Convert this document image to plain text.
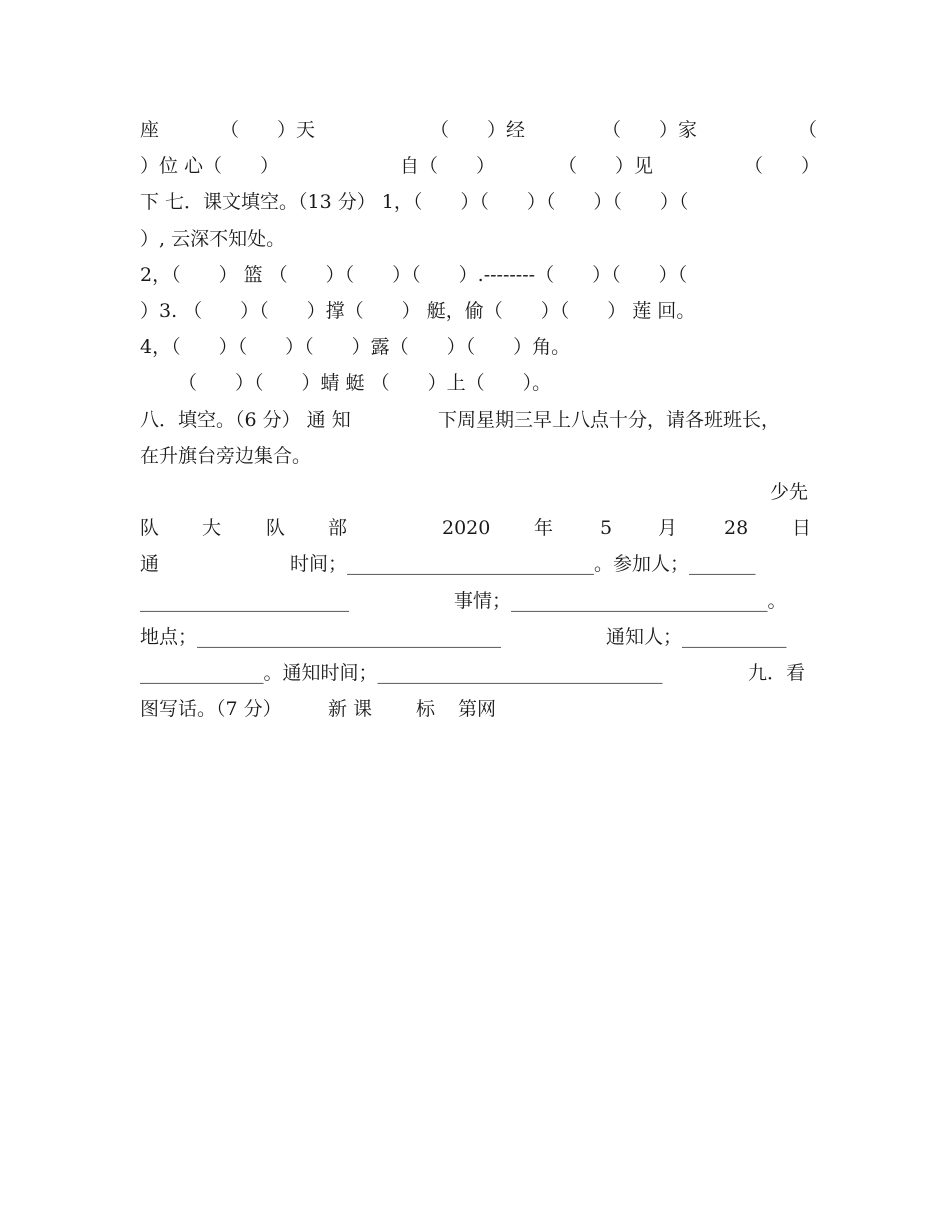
座	（　　）天	（　　）经	（　　）家	（
）位 心（　　）	自（　　）	（　　）见	（　　）
下 七．课文填空。（13 分） 1，（　　）（　　）（　　）（　　）（
）, 云深不知处。
2，（　　） 篮 （　　）（　　）（　　）.--------（　　）（　　）（
）3. （　　）（　　）撑（　　） 艇，偷（　　）（　　） 莲 回。
4，（　　）（　　）（　　）露（　　）（　　）角。
（　　）（　　）蜻 蜓 （　　）上（　　）。
八．填空。（6 分） 通 知	下周星期三早上八点十分，请各班班长，
在升旗台旁边集合。
少先
队 大 队 部	2020 年 5 月 28 日
通	时间；__________________________。参加人；_______
______________________	事情；___________________________。
地点；________________________________	通知人；___________
_____________。通知时间；______________________________	九．看
图写话。（7 分） 新 课 标 第网
